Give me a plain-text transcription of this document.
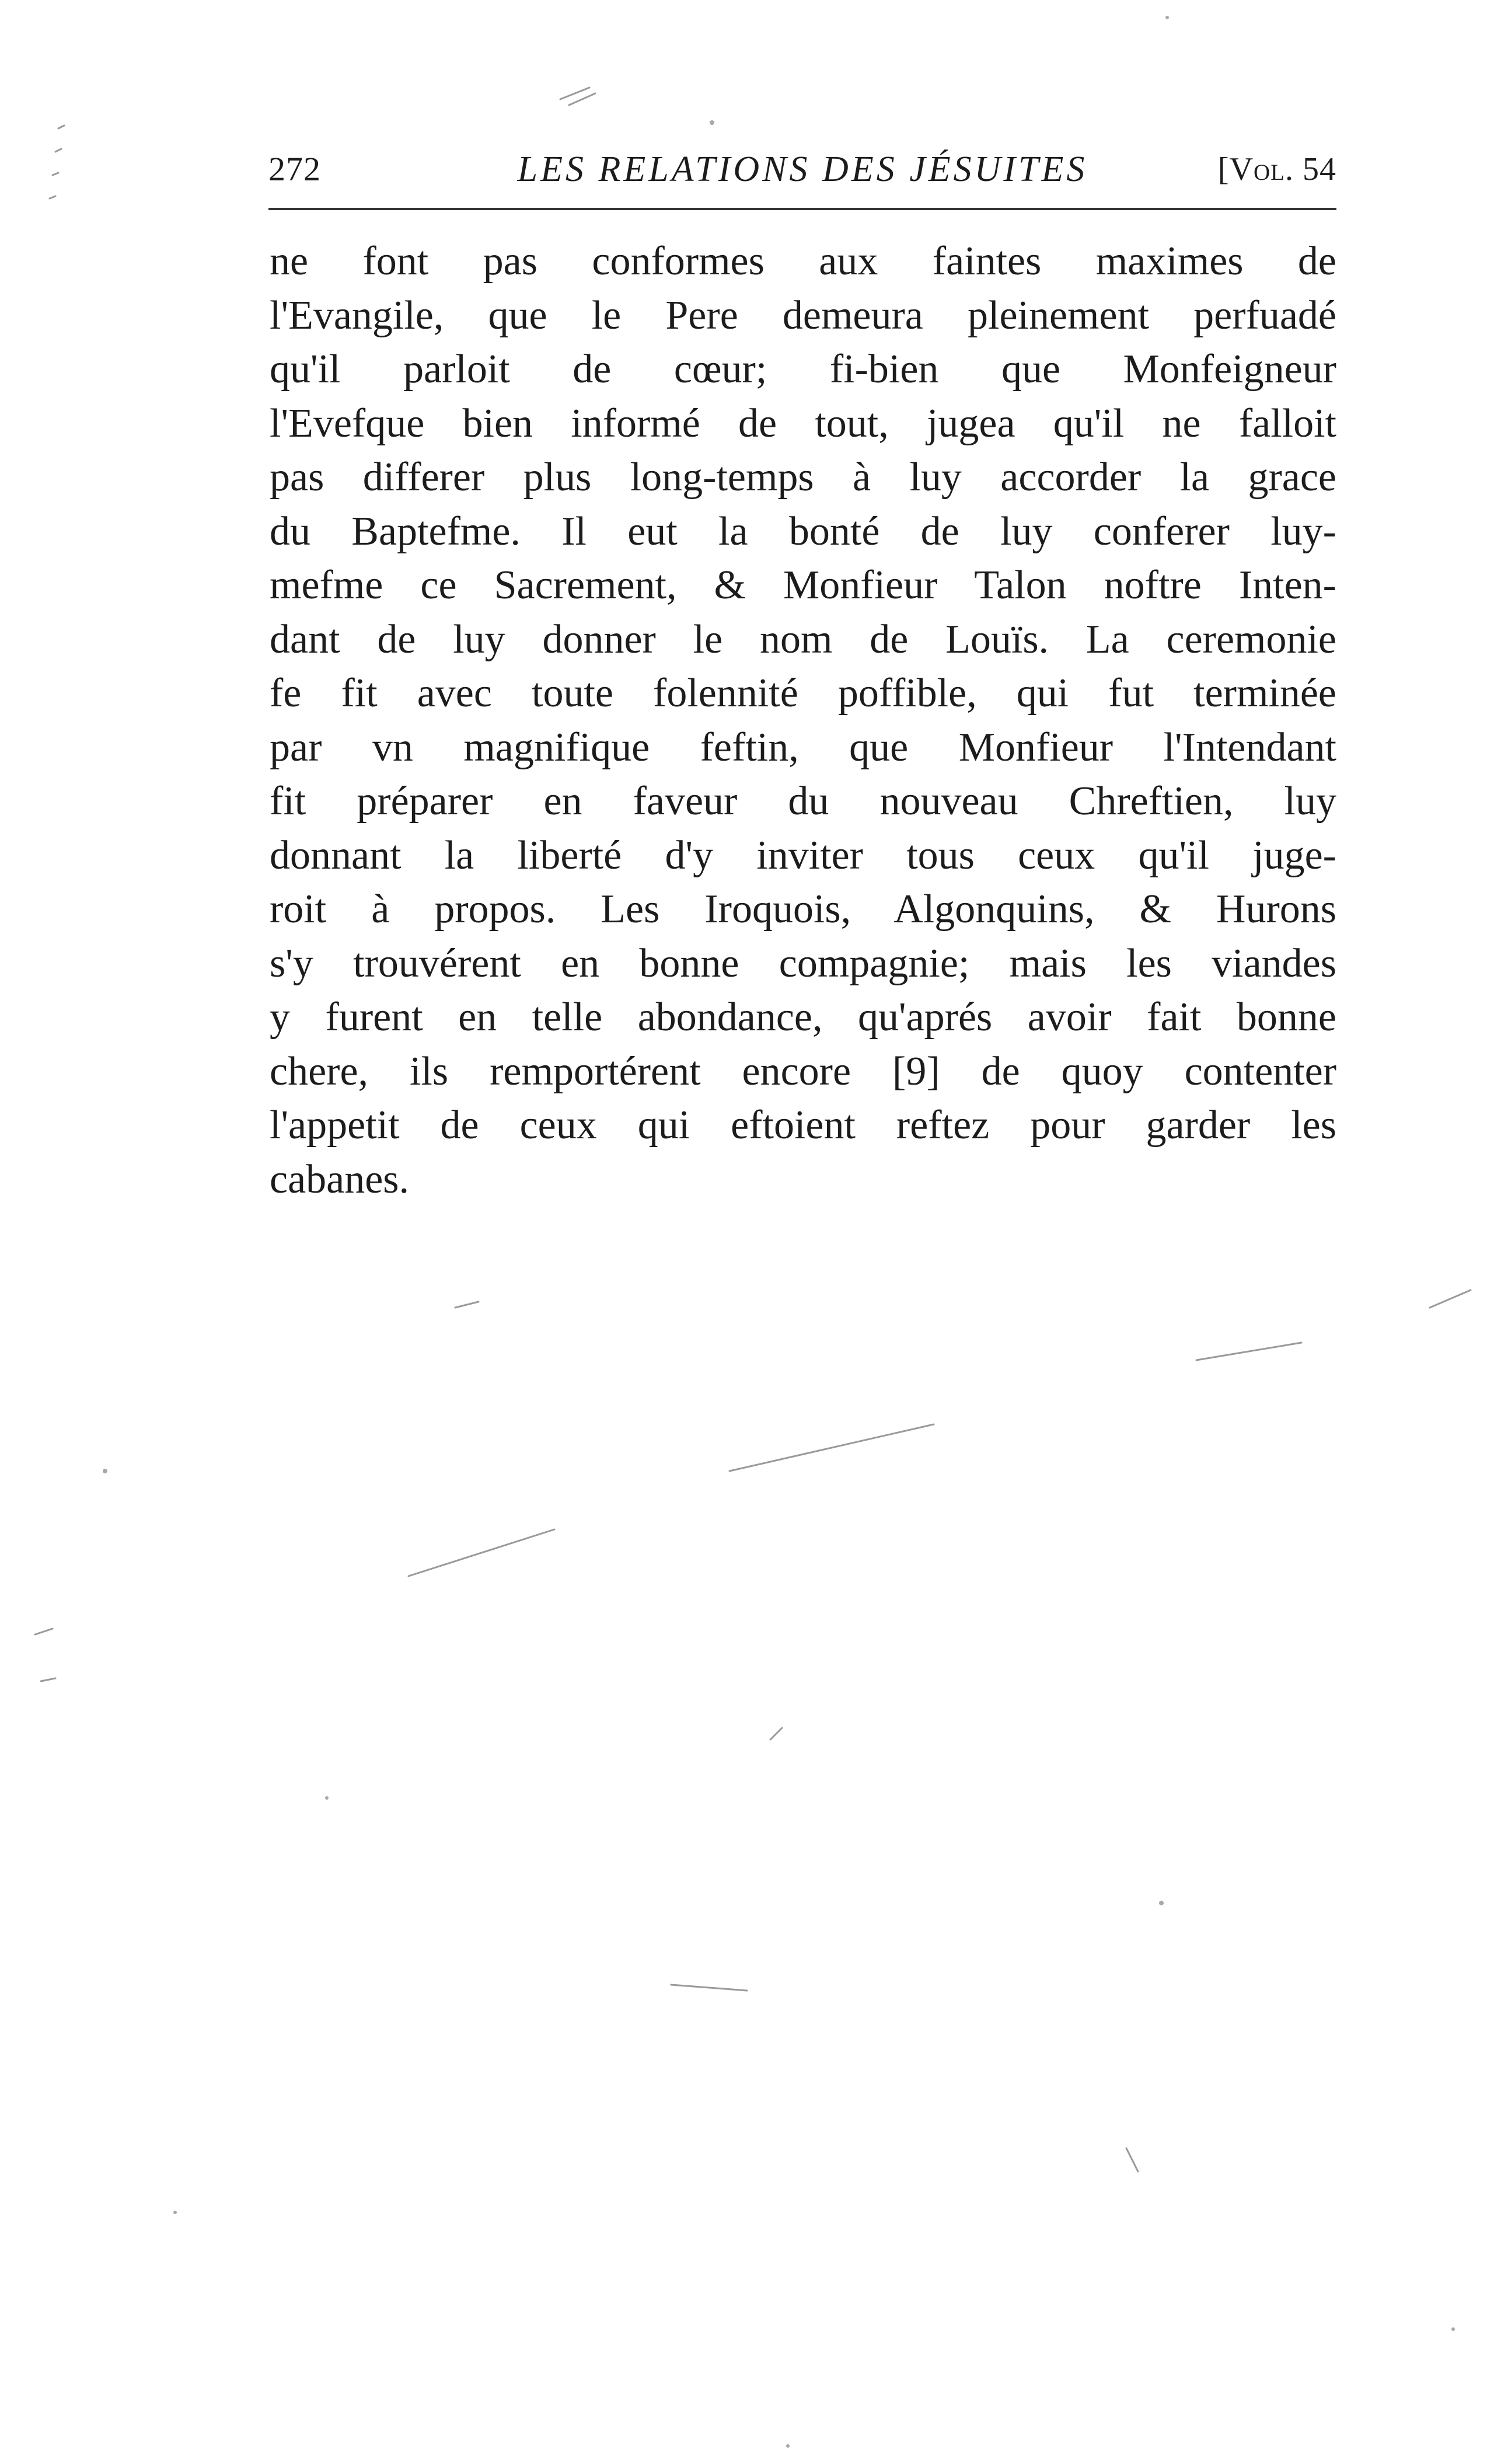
272	LES RELATIONS DES JÉSUITES	[Vol. 54
ne font pas conformes aux faintes maximes de
l'Evangile, que le Pere demeura pleinement perfuadé
qu'il parloit de cœur; fi-bien que Monfeigneur
l'Evefque bien informé de tout, jugea qu'il ne falloit
pas differer plus long-temps à luy accorder la grace
du Baptefme. Il eut la bonté de luy conferer luy-
mefme ce Sacrement, & Monfieur Talon noftre Inten-
dant de luy donner le nom de Louïs. La ceremonie
fe fit avec toute folennité poffible, qui fut terminée
par vn magnifique feftin, que Monfieur l'Intendant
fit préparer en faveur du nouveau Chreftien, luy
donnant la liberté d'y inviter tous ceux qu'il juge-
roit à propos. Les Iroquois, Algonquins, & Hurons
s'y trouvérent en bonne compagnie; mais les viandes
y furent en telle abondance, qu'aprés avoir fait bonne
chere, ils remportérent encore [9] de quoy contenter
l'appetit de ceux qui eftoient reftez pour garder les
cabanes.
